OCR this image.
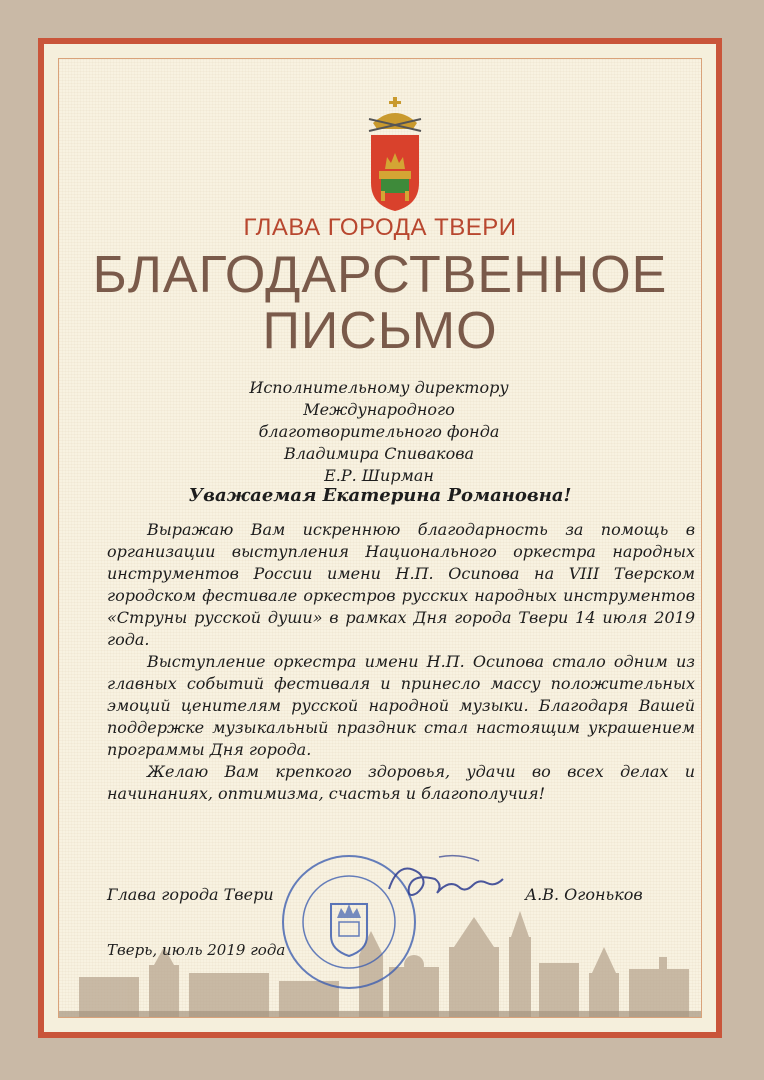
ГЛАВА ГОРОДА ТВЕРИ
БЛАГОДАРСТВЕННОЕ
ПИСЬМО
Исполнительному директору
Международного благотворительного фонда
Владимира Спивакова
Е.Р. Ширман
Уважаемая Екатерина Романовна!

Выражаю Вам искреннюю благодарность за помощь в организации выступления Национального оркестра народных инструментов России имени Н.П. Осипова на VIII Тверском городском фестивале оркестров русских народных инструментов «Струны русской души» в рамках Дня города Твери 14 июля 2019 года.

Выступление оркестра имени Н.П. Осипова стало одним из главных событий фестиваля и принесло массу положительных эмоций ценителям русской народной музыки. Благодаря Вашей поддержке музыкальный праздник стал настоящим украшением программы Дня города.

Желаю Вам крепкого здоровья, удачи во всех делах и начинаниях, оптимизма, счастья и благополучия!

Глава города Твери	А.В. Огоньков
Тверь, июль 2019 года
